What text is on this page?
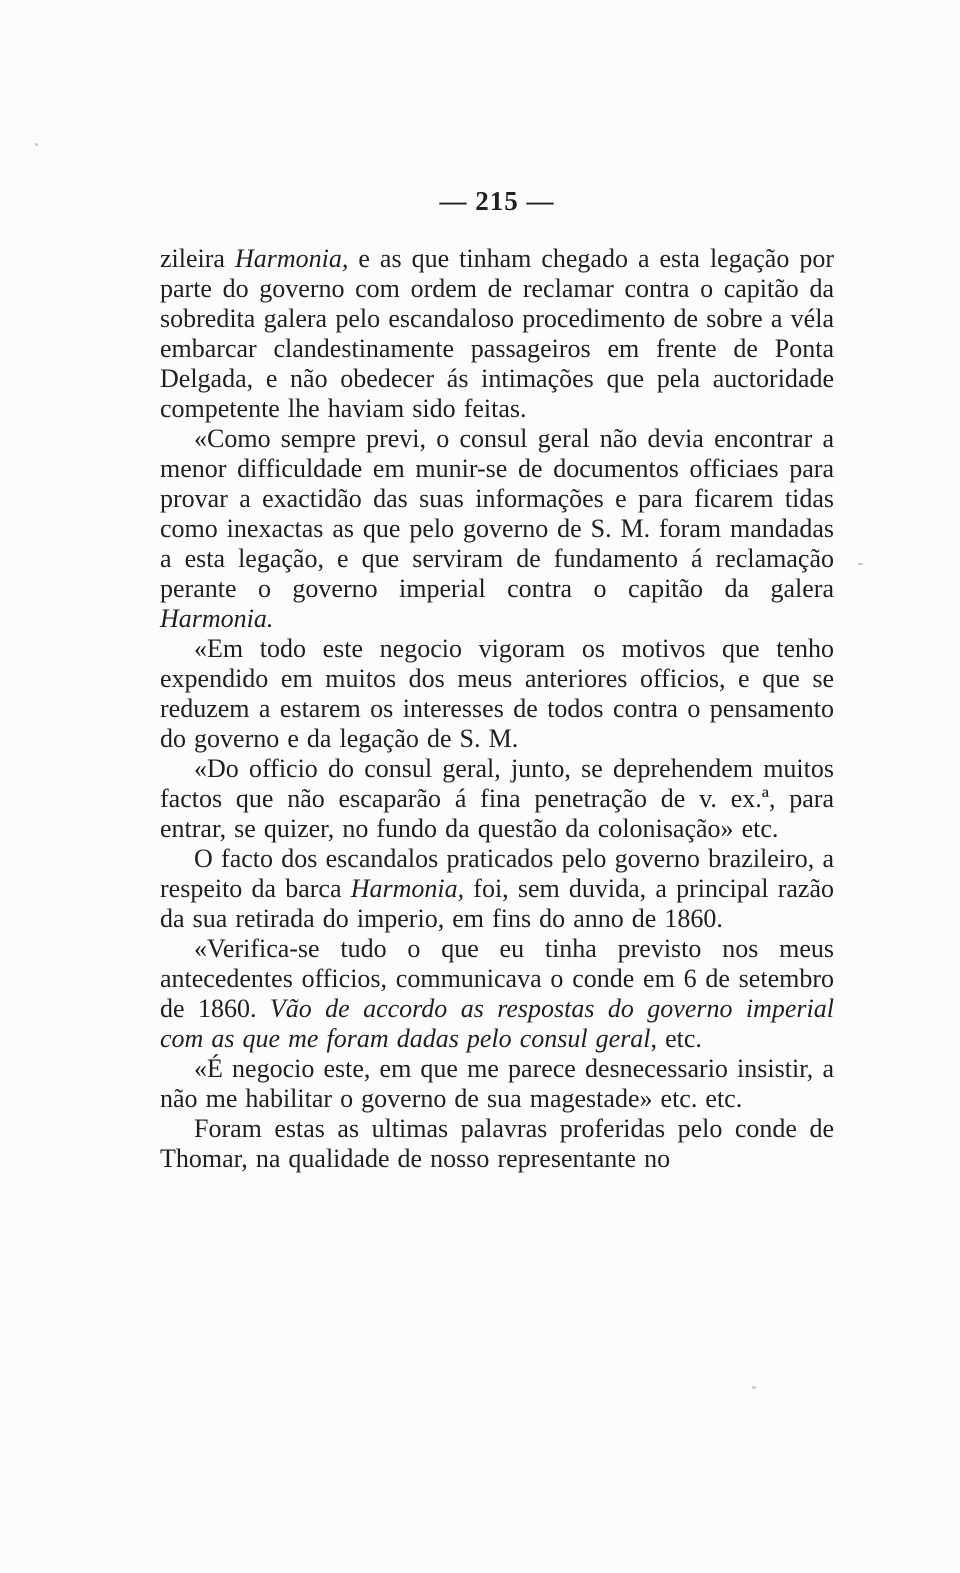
— 215 —

zileira Harmonia, e as que tinham chegado a esta legação por parte do governo com ordem de reclamar contra o capitão da sobredita galera pelo escandaloso procedimento de sobre a véla embarcar clandestinamente passageiros em frente de Ponta Delgada, e não obedecer ás intimações que pela auctoridade competente lhe haviam sido feitas.

«Como sempre previ, o consul geral não devia encontrar a menor difficuldade em munir-se de documentos officiaes para provar a exactidão das suas informações e para ficarem tidas como inexactas as que pelo governo de S. M. foram mandadas a esta legação, e que serviram de fundamento á reclamação perante o governo imperial contra o capitão da galera Harmonia.

«Em todo este negocio vigoram os motivos que tenho expendido em muitos dos meus anteriores officios, e que se reduzem a estarem os interesses de todos contra o pensamento do governo e da legação de S. M.

«Do officio do consul geral, junto, se deprehendem muitos factos que não escaparão á fina penetração de v. ex.ª, para entrar, se quizer, no fundo da questão da colonisação» etc.

O facto dos escandalos praticados pelo governo brazileiro, a respeito da barca Harmonia, foi, sem duvida, a principal razão da sua retirada do imperio, em fins do anno de 1860.

«Verifica-se tudo o que eu tinha previsto nos meus antecedentes officios, communicava o conde em 6 de setembro de 1860. Vão de accordo as respostas do governo imperial com as que me foram dadas pelo consul geral, etc.

«É negocio este, em que me parece desnecessario insistir, a não me habilitar o governo de sua magestade» etc. etc.

Foram estas as ultimas palavras proferidas pelo conde de Thomar, na qualidade de nosso representante no
